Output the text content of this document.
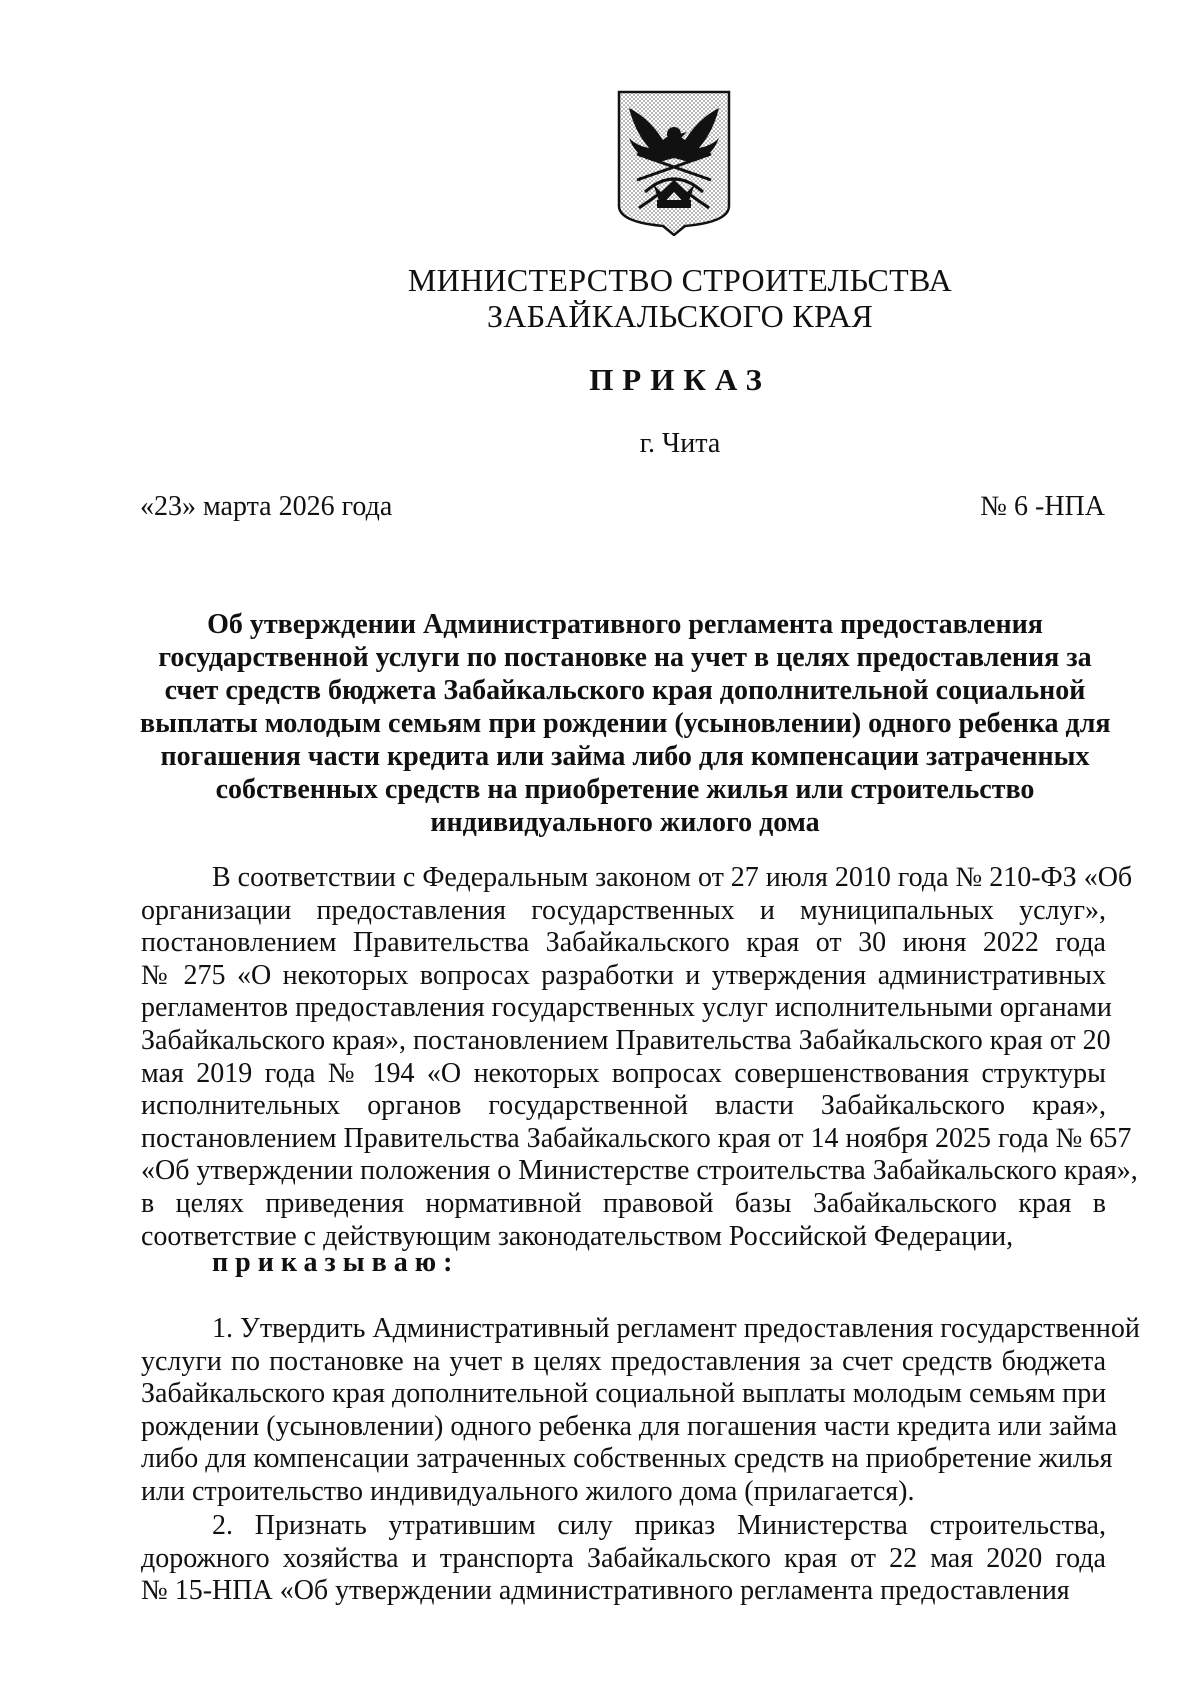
МИНИСТЕРСТВО СТРОИТЕЛЬСТВА
ЗАБАЙКАЛЬСКОГО КРАЯ
ПРИКАЗ
г. Чита
«23» марта 2026 года	№ 6 -НПА
Об утверждении Административного регламента предоставления
государственной услуги по постановке на учет в целях предоставления за
счет средств бюджета Забайкальского края дополнительной социальной
выплаты молодым семьям при рождении (усыновлении) одного ребенка для
погашения части кредита или займа либо для компенсации затраченных
собственных средств на приобретение жилья или строительство
индивидуального жилого дома
В соответствии с Федеральным законом от 27 июля 2010 года № 210-ФЗ «Об
организации предоставления государственных и муниципальных услуг»,
постановлением Правительства Забайкальского края от 30 июня 2022 года
№ 275 «О некоторых вопросах разработки и утверждения административных
регламентов предоставления государственных услуг исполнительными органами
Забайкальского края», постановлением Правительства Забайкальского края от 20
мая 2019 года № 194 «О некоторых вопросах совершенствования структуры
исполнительных органов государственной власти Забайкальского края»,
постановлением Правительства Забайкальского края от 14 ноября 2025 года № 657
«Об утверждении положения о Министерстве строительства Забайкальского края»,
в целях приведения нормативной правовой базы Забайкальского края в
соответствие с действующим законодательством Российской Федерации,
приказываю:
1. Утвердить Административный регламент предоставления государственной
услуги по постановке на учет в целях предоставления за счет средств бюджета
Забайкальского края дополнительной социальной выплаты молодым семьям при
рождении (усыновлении) одного ребенка для погашения части кредита или займа
либо для компенсации затраченных собственных средств на приобретение жилья
или строительство индивидуального жилого дома (прилагается).
2. Признать утратившим силу приказ Министерства строительства,
дорожного хозяйства и транспорта Забайкальского края от 22 мая 2020 года
№ 15-НПА «Об утверждении административного регламента предоставления
